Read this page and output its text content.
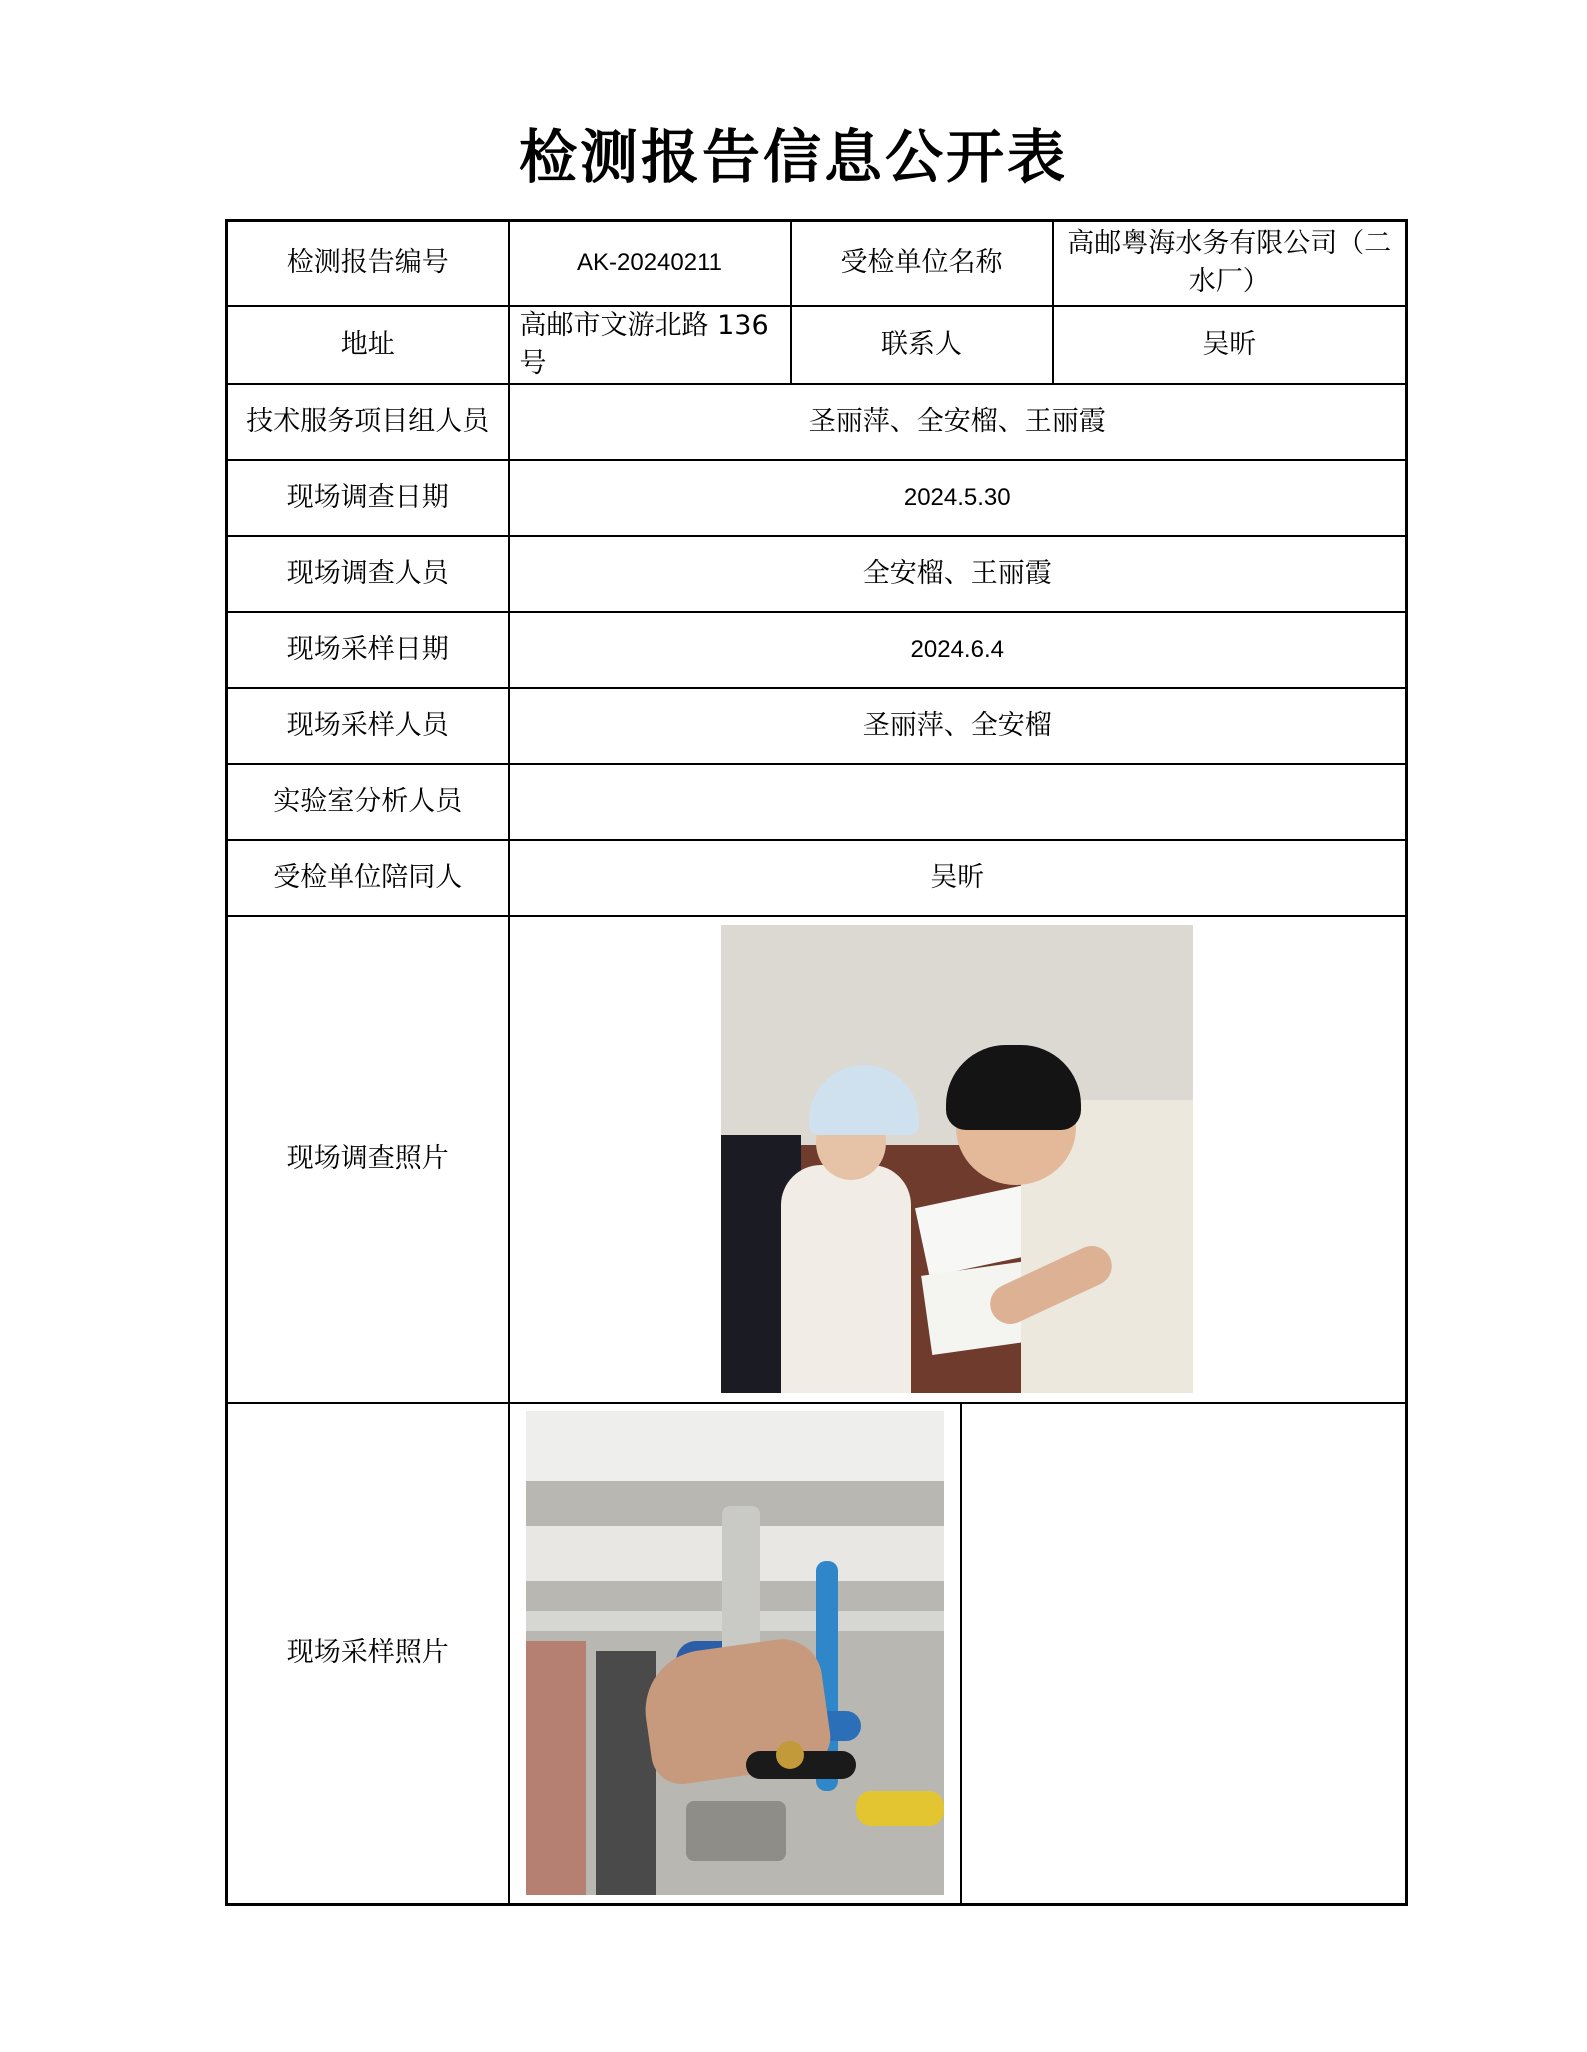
检测报告信息公开表
检测报告编号	AK-20240211	受检单位名称	高邮粤海水务有限公司（二水厂）
地址	高邮市文游北路 136 号	联系人	吴昕
技术服务项目组人员	圣丽萍、全安榴、王丽霞		
现场调查日期	2024.5.30		
现场调查人员	全安榴、王丽霞		
现场采样日期	2024.6.4		
现场采样人员	圣丽萍、全安榴		
实验室分析人员			
受检单位陪同人	吴昕		
现场调查照片			

现场采样照片			
